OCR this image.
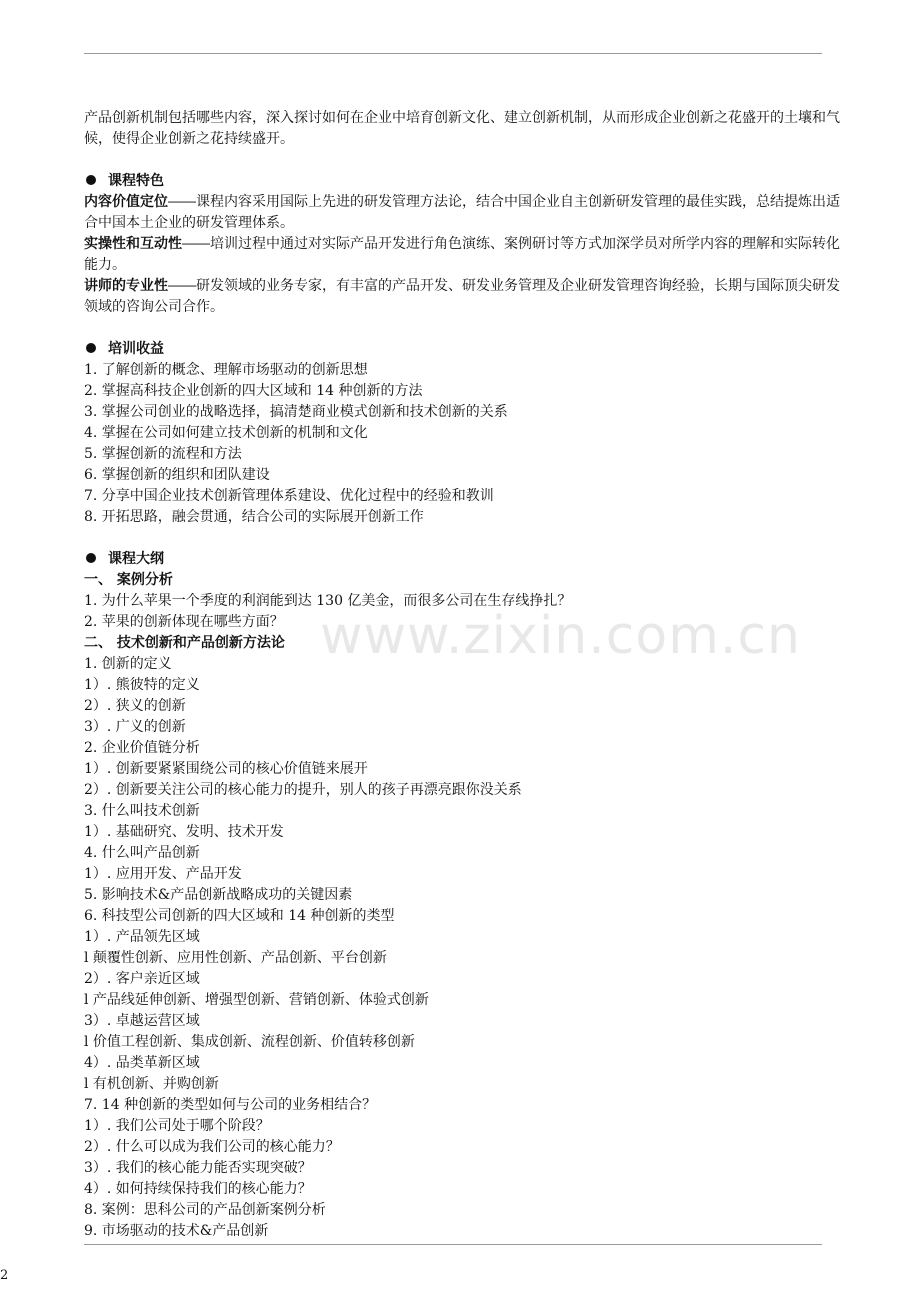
产品创新机制包括哪些内容，深入探讨如何在企业中培育创新文化、建立创新机制，从而形成企业创新之花盛开的土壤和气候，使得企业创新之花持续盛开。

课程特色

内容价值定位――课程内容采用国际上先进的研发管理方法论，结合中国企业自主创新研发管理的最佳实践，总结提炼出适合中国本土企业的研发管理体系。

实操性和互动性――培训过程中通过对实际产品开发进行角色演练、案例研讨等方式加深学员对所学内容的理解和实际转化能力。

讲师的专业性――研发领域的业务专家，有丰富的产品开发、研发业务管理及企业研发管理咨询经验，长期与国际顶尖研发领域的咨询公司合作。

培训收益

1. 了解创新的概念、理解市场驱动的创新思想

2. 掌握高科技企业创新的四大区域和 14 种创新的方法

3. 掌握公司创业的战略选择，搞清楚商业模式创新和技术创新的关系

4. 掌握在公司如何建立技术创新的机制和文化

5. 掌握创新的流程和方法

6. 掌握创新的组织和团队建设

7. 分享中国企业技术创新管理体系建设、优化过程中的经验和教训

8. 开拓思路，融会贯通，结合公司的实际展开创新工作

课程大纲

一、 案例分析

1. 为什么苹果一个季度的利润能到达 130 亿美金，而很多公司在生存线挣扎？

2. 苹果的创新体现在哪些方面？

二、 技术创新和产品创新方法论

1. 创新的定义

1）. 熊彼特的定义

2）. 狭义的创新

3）. 广义的创新

2. 企业价值链分析

1）. 创新要紧紧围绕公司的核心价值链来展开

2）. 创新要关注公司的核心能力的提升，别人的孩子再漂亮跟你没关系

3. 什么叫技术创新

1）. 基础研究、发明、技术开发

4. 什么叫产品创新

1）. 应用开发、产品开发

5. 影响技术&产品创新战略成功的关键因素

6. 科技型公司创新的四大区域和 14 种创新的类型

1）. 产品领先区域

l 颠覆性创新、应用性创新、产品创新、平台创新

2）. 客户亲近区域

l 产品线延伸创新、增强型创新、营销创新、体验式创新

3）. 卓越运营区域

l 价值工程创新、集成创新、流程创新、价值转移创新

4）. 品类革新区域

l 有机创新、并购创新

7. 14 种创新的类型如何与公司的业务相结合？

1）. 我们公司处于哪个阶段？

2）. 什么可以成为我们公司的核心能力？

3）. 我们的核心能力能否实现突破？

4）. 如何持续保持我们的核心能力？

8. 案例：思科公司的产品创新案例分析

9. 市场驱动的技术&产品创新

www.zixin.com.cn
2
